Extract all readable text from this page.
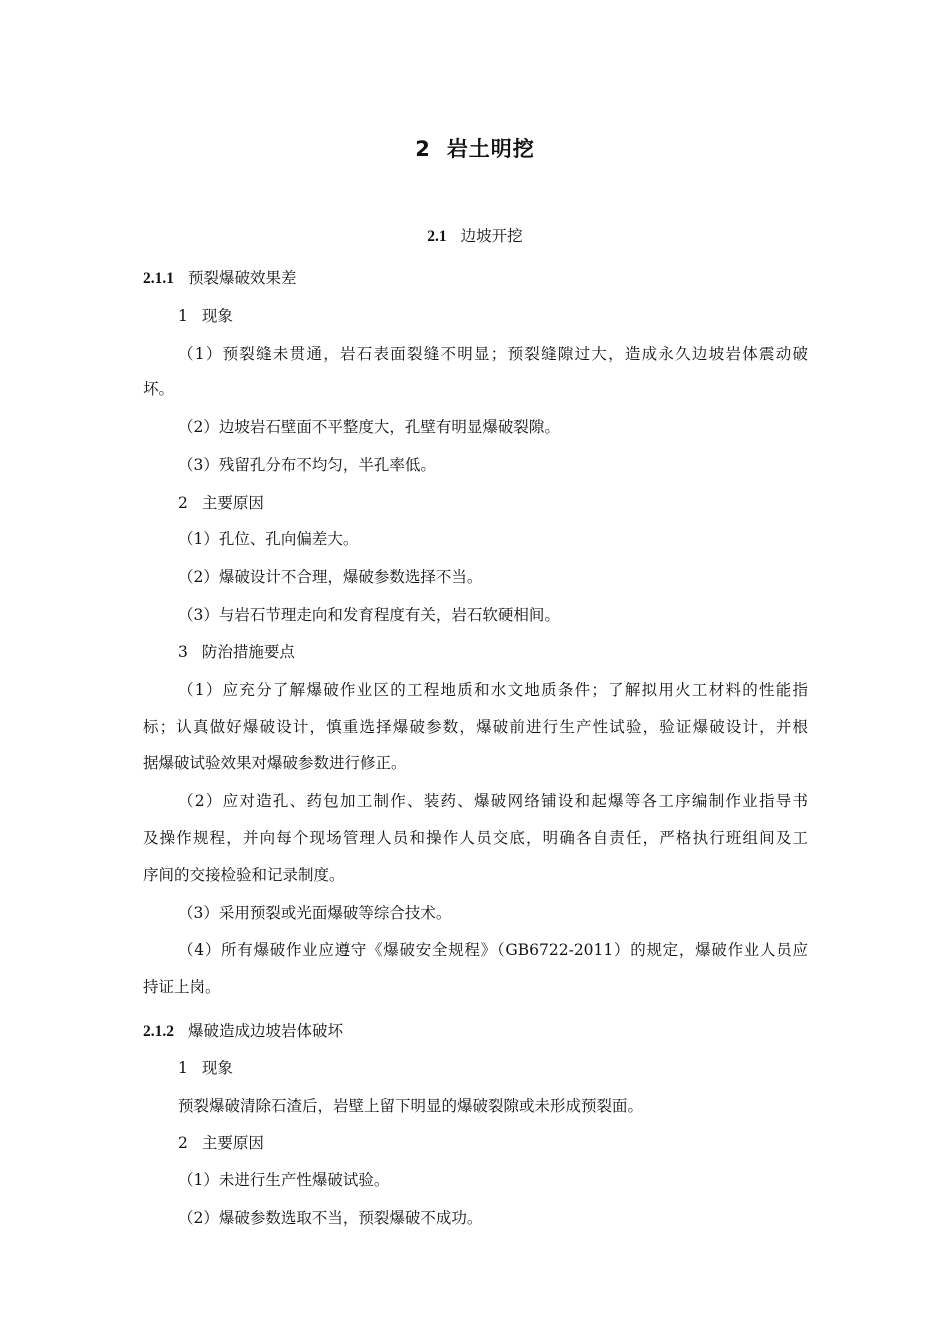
2 岩土明挖
2.1 边坡开挖
2.1.1 预裂爆破效果差
1 现象
（1）预裂缝未贯通，岩石表面裂缝不明显；预裂缝隙过大，造成永久边坡岩体震动破
坏。
（2）边坡岩石壁面不平整度大，孔壁有明显爆破裂隙。
（3）残留孔分布不均匀，半孔率低。
2 主要原因
（1）孔位、孔向偏差大。
（2）爆破设计不合理，爆破参数选择不当。
（3）与岩石节理走向和发育程度有关，岩石软硬相间。
3 防治措施要点
（1）应充分了解爆破作业区的工程地质和水文地质条件；了解拟用火工材料的性能指
标；认真做好爆破设计，慎重选择爆破参数，爆破前进行生产性试验，验证爆破设计，并根
据爆破试验效果对爆破参数进行修正。
（2）应对造孔、药包加工制作、装药、爆破网络铺设和起爆等各工序编制作业指导书
及操作规程，并向每个现场管理人员和操作人员交底，明确各自责任，严格执行班组间及工
序间的交接检验和记录制度。
（3）采用预裂或光面爆破等综合技术。
（4）所有爆破作业应遵守《爆破安全规程》（GB6722-2011）的规定，爆破作业人员应
持证上岗。
2.1.2 爆破造成边坡岩体破坏
1 现象
预裂爆破清除石渣后，岩壁上留下明显的爆破裂隙或未形成预裂面。
2 主要原因
（1）未进行生产性爆破试验。
（2）爆破参数选取不当，预裂爆破不成功。
